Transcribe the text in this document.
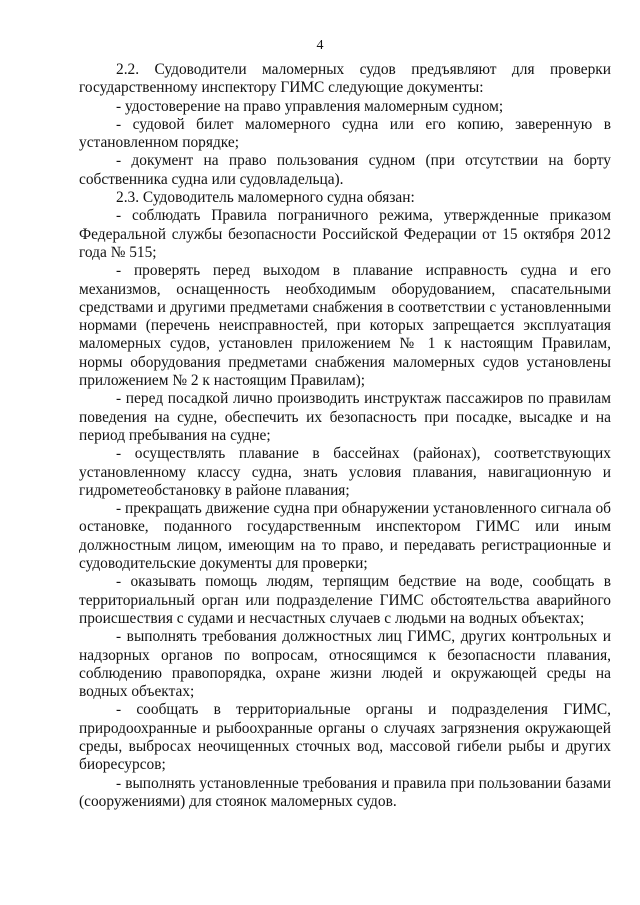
4

2.2. Судоводители маломерных судов предъявляют для проверки государственному инспектору ГИМС следующие документы:

- удостоверение на право управления маломерным судном;

- судовой билет маломерного судна или его копию, заверенную в установленном порядке;

- документ на право пользования судном (при отсутствии на борту собственника судна или судовладельца).

2.3. Судоводитель маломерного судна обязан:

- соблюдать Правила пограничного режима, утвержденные приказом Федеральной службы безопасности Российской Федерации от 15 октября 2012 года № 515;

- проверять перед выходом в плавание исправность судна и его механизмов, оснащенность необходимым оборудованием, спасательными средствами и другими предметами снабжения в соответствии с установленными нормами (перечень неисправностей, при которых запрещается эксплуатация маломерных судов, установлен приложением № 1 к настоящим Правилам, нормы оборудования предметами снабжения маломерных судов установлены приложением № 2 к настоящим Правилам);

- перед посадкой лично производить инструктаж пассажиров по правилам поведения на судне, обеспечить их безопасность при посадке, высадке и на период пребывания на судне;

- осуществлять плавание в бассейнах (районах), соответствующих установленному классу судна, знать условия плавания, навигационную и гидрометеобстановку в районе плавания;

- прекращать движение судна при обнаружении установленного сигнала об остановке, поданного государственным инспектором ГИМС или иным должностным лицом, имеющим на то право, и передавать регистрационные и судоводительские документы для проверки;

- оказывать помощь людям, терпящим бедствие на воде, сообщать в территориальный орган или подразделение ГИМС обстоятельства аварийного происшествия с судами и несчастных случаев с людьми на водных объектах;

- выполнять требования должностных лиц ГИМС, других контрольных и надзорных органов по вопросам, относящимся к безопасности плавания, соблюдению правопорядка, охране жизни людей и окружающей среды на водных объектах;

- сообщать в территориальные органы и подразделения ГИМС, природоохранные и рыбоохранные органы о случаях загрязнения окружающей среды, выбросах неочищенных сточных вод, массовой гибели рыбы и других биоресурсов;

- выполнять установленные требования и правила при пользовании базами (сооружениями) для стоянок маломерных судов.
